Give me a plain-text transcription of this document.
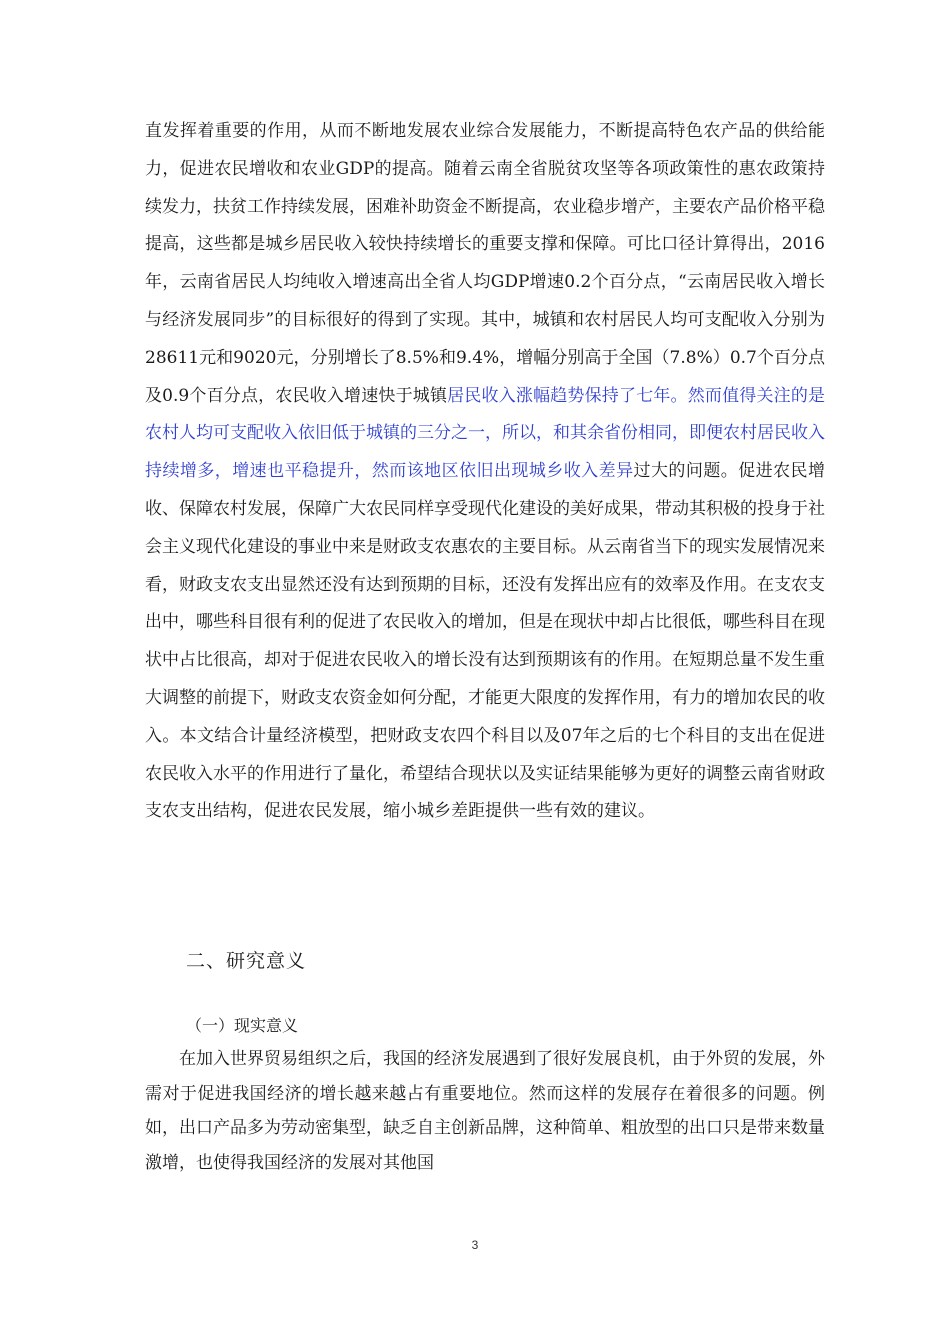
直发挥着重要的作用，从而不断地发展农业综合发展能力，不断提高特色农产品的供给能力，促进农民增收和农业GDP的提高。随着云南全省脱贫攻坚等各项政策性的惠农政策持续发力，扶贫工作持续发展，困难补助资金不断提高，农业稳步增产，主要农产品价格平稳提高，这些都是城乡居民收入较快持续增长的重要支撑和保障。可比口径计算得出，2016年，云南省居民人均纯收入增速高出全省人均GDP增速0.2个百分点，“云南居民收入增长与经济发展同步”的目标很好的得到了实现。其中，城镇和农村居民人均可支配收入分别为28611元和9020元，分别增长了8.5%和9.4%，增幅分别高于全国（7.8%）0.7个百分点及0.9个百分点，农民收入增速快于城镇居民收入涨幅趋势保持了七年。然而值得关注的是农村人均可支配收入依旧低于城镇的三分之一，所以，和其余省份相同，即便农村居民收入持续增多，增速也平稳提升，然而该地区依旧出现城乡收入差异过大的问题。促进农民增收、保障农村发展，保障广大农民同样享受现代化建设的美好成果，带动其积极的投身于社会主义现代化建设的事业中来是财政支农惠农的主要目标。从云南省当下的现实发展情况来看，财政支农支出显然还没有达到预期的目标，还没有发挥出应有的效率及作用。在支农支出中，哪些科目很有利的促进了农民收入的增加，但是在现状中却占比很低，哪些科目在现状中占比很高，却对于促进农民收入的增长没有达到预期该有的作用。在短期总量不发生重大调整的前提下，财政支农资金如何分配，才能更大限度的发挥作用，有力的增加农民的收入。本文结合计量经济模型，把财政支农四个科目以及07年之后的七个科目的支出在促进农民收入水平的作用进行了量化，希望结合现状以及实证结果能够为更好的调整云南省财政支农支出结构，促进农民发展，缩小城乡差距提供一些有效的建议。

二、研究意义
（一）现实意义

在加入世界贸易组织之后，我国的经济发展遇到了很好发展良机，由于外贸的发展，外需对于促进我国经济的增长越来越占有重要地位。然而这样的发展存在着很多的问题。例如，出口产品多为劳动密集型，缺乏自主创新品牌，这种简单、粗放型的出口只是带来数量激增，也使得我国经济的发展对其他国

3
